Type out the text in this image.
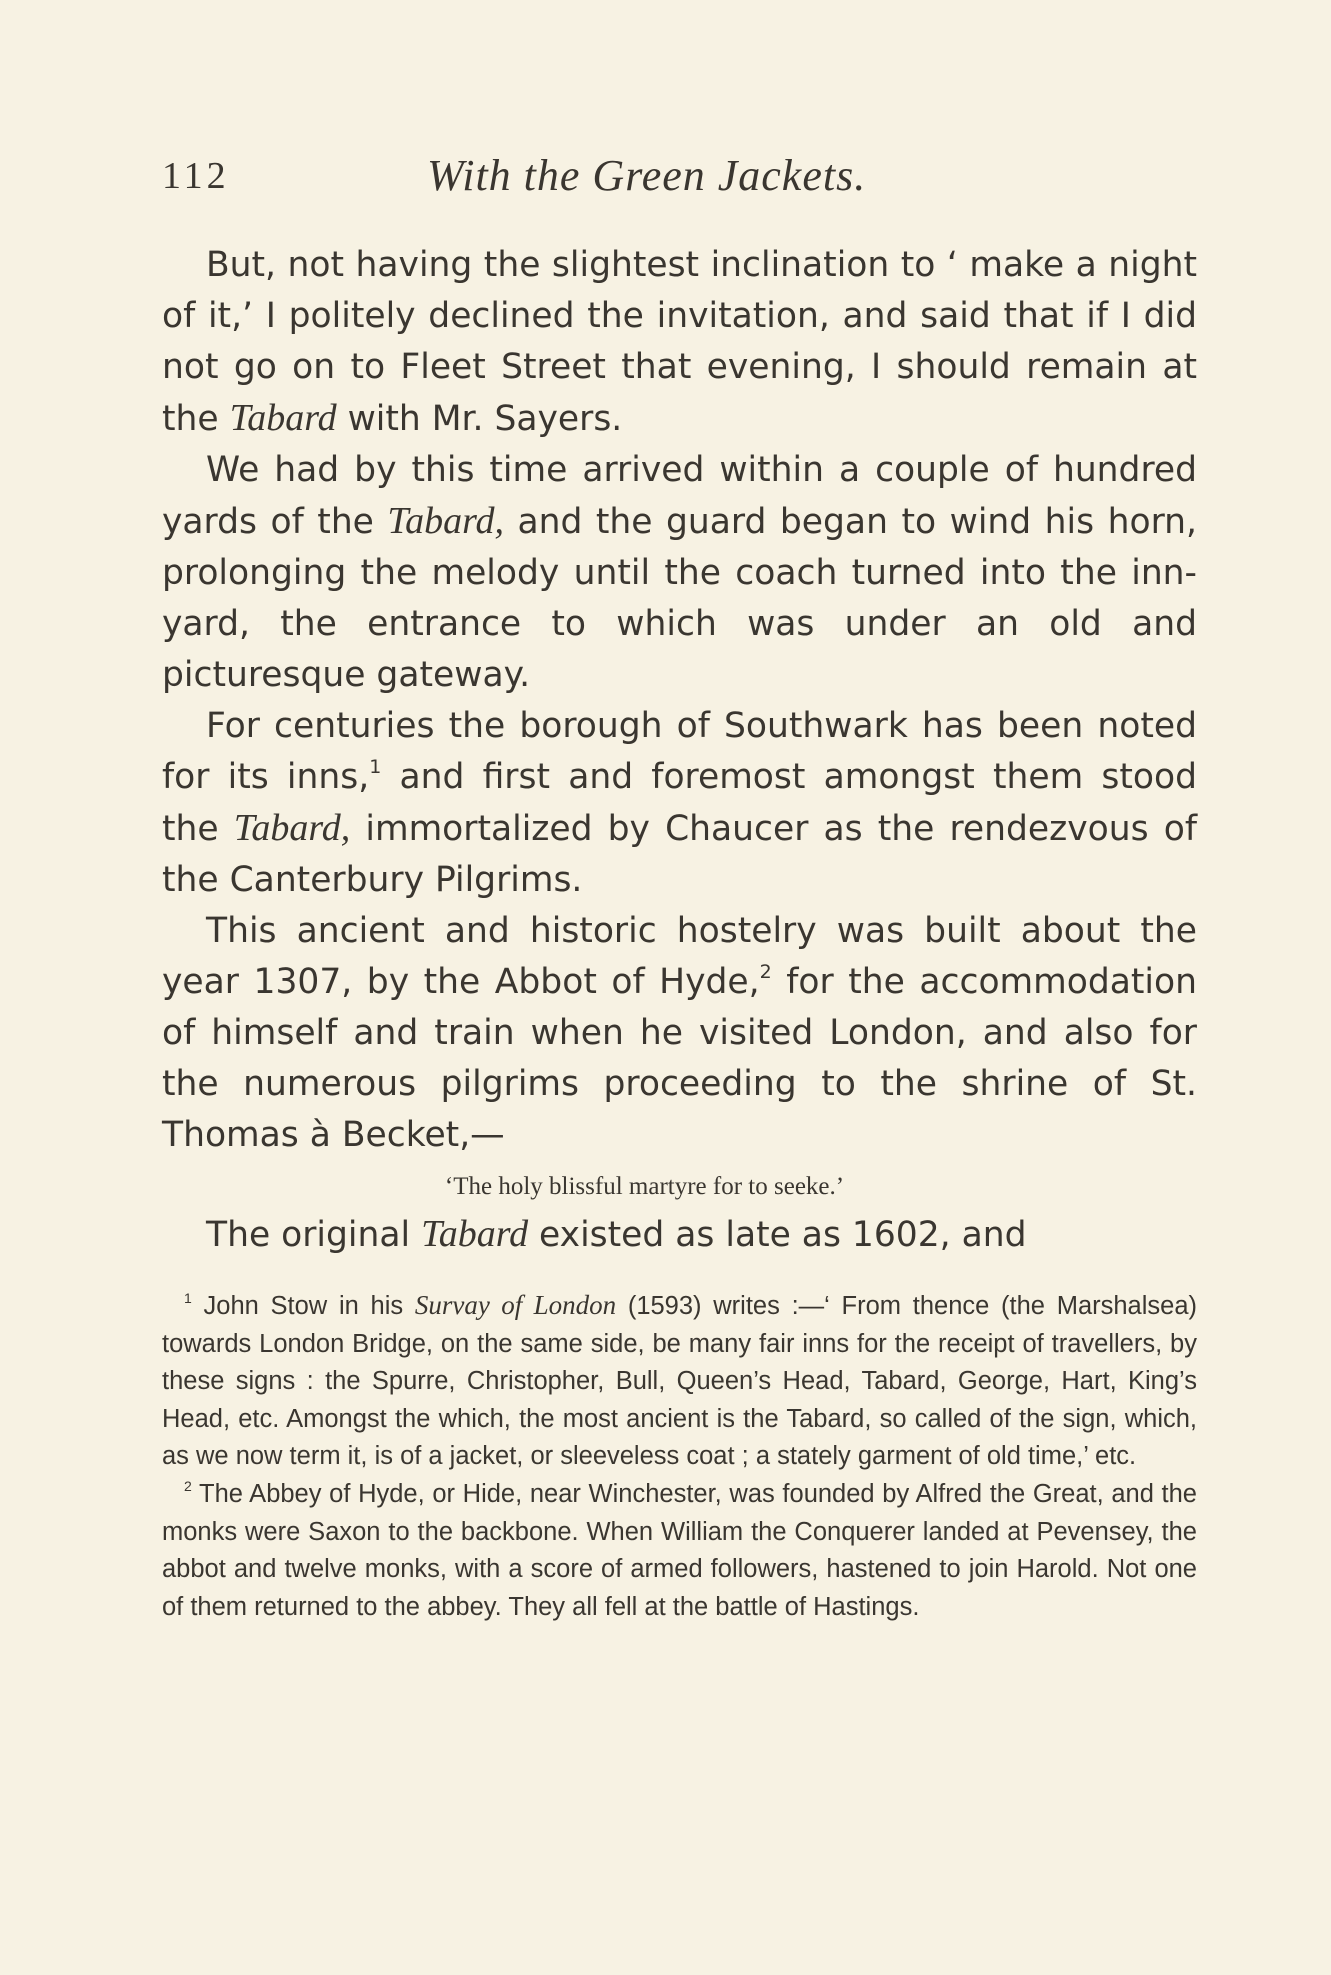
112	With the Green Jackets.

But, not having the slightest inclination to ‘ make a night of it,’ I politely declined the invitation, and said that if I did not go on to Fleet Street that evening, I should remain at the Tabard with Mr. Sayers.

We had by this time arrived within a couple of hundred yards of the Tabard, and the guard began to wind his horn, prolonging the melody until the coach turned into the inn-yard, the entrance to which was under an old and picturesque gateway.

For centuries the borough of Southwark has been noted for its inns,$^1$ and first and foremost amongst them stood the Tabard, immortalized by Chaucer as the rendezvous of the Canterbury Pilgrims.

This ancient and historic hostelry was built about the year 1307, by the Abbot of Hyde,$^2$ for the accommodation of himself and train when he visited London, and also for the numerous pilgrims proceeding to the shrine of St. Thomas à Becket,—

‘The holy blissful martyre for to seeke.’

The original Tabard existed as late as 1602, and

$^1$ John Stow in his Survay of London (1593) writes :—‘ From thence (the Marshalsea) towards London Bridge, on the same side, be many fair inns for the receipt of travellers, by these signs : the Spurre, Christopher, Bull, Queen’s Head, Tabard, George, Hart, King’s Head, etc. Amongst the which, the most ancient is the Tabard, so called of the sign, which, as we now term it, is of a jacket, or sleeveless coat ; a stately garment of old time,’ etc.

$^2$ The Abbey of Hyde, or Hide, near Winchester, was founded by Alfred the Great, and the monks were Saxon to the backbone. When William the Conquerer landed at Pevensey, the abbot and twelve monks, with a score of armed followers, hastened to join Harold. Not one of them returned to the abbey. They all fell at the battle of Hastings.
